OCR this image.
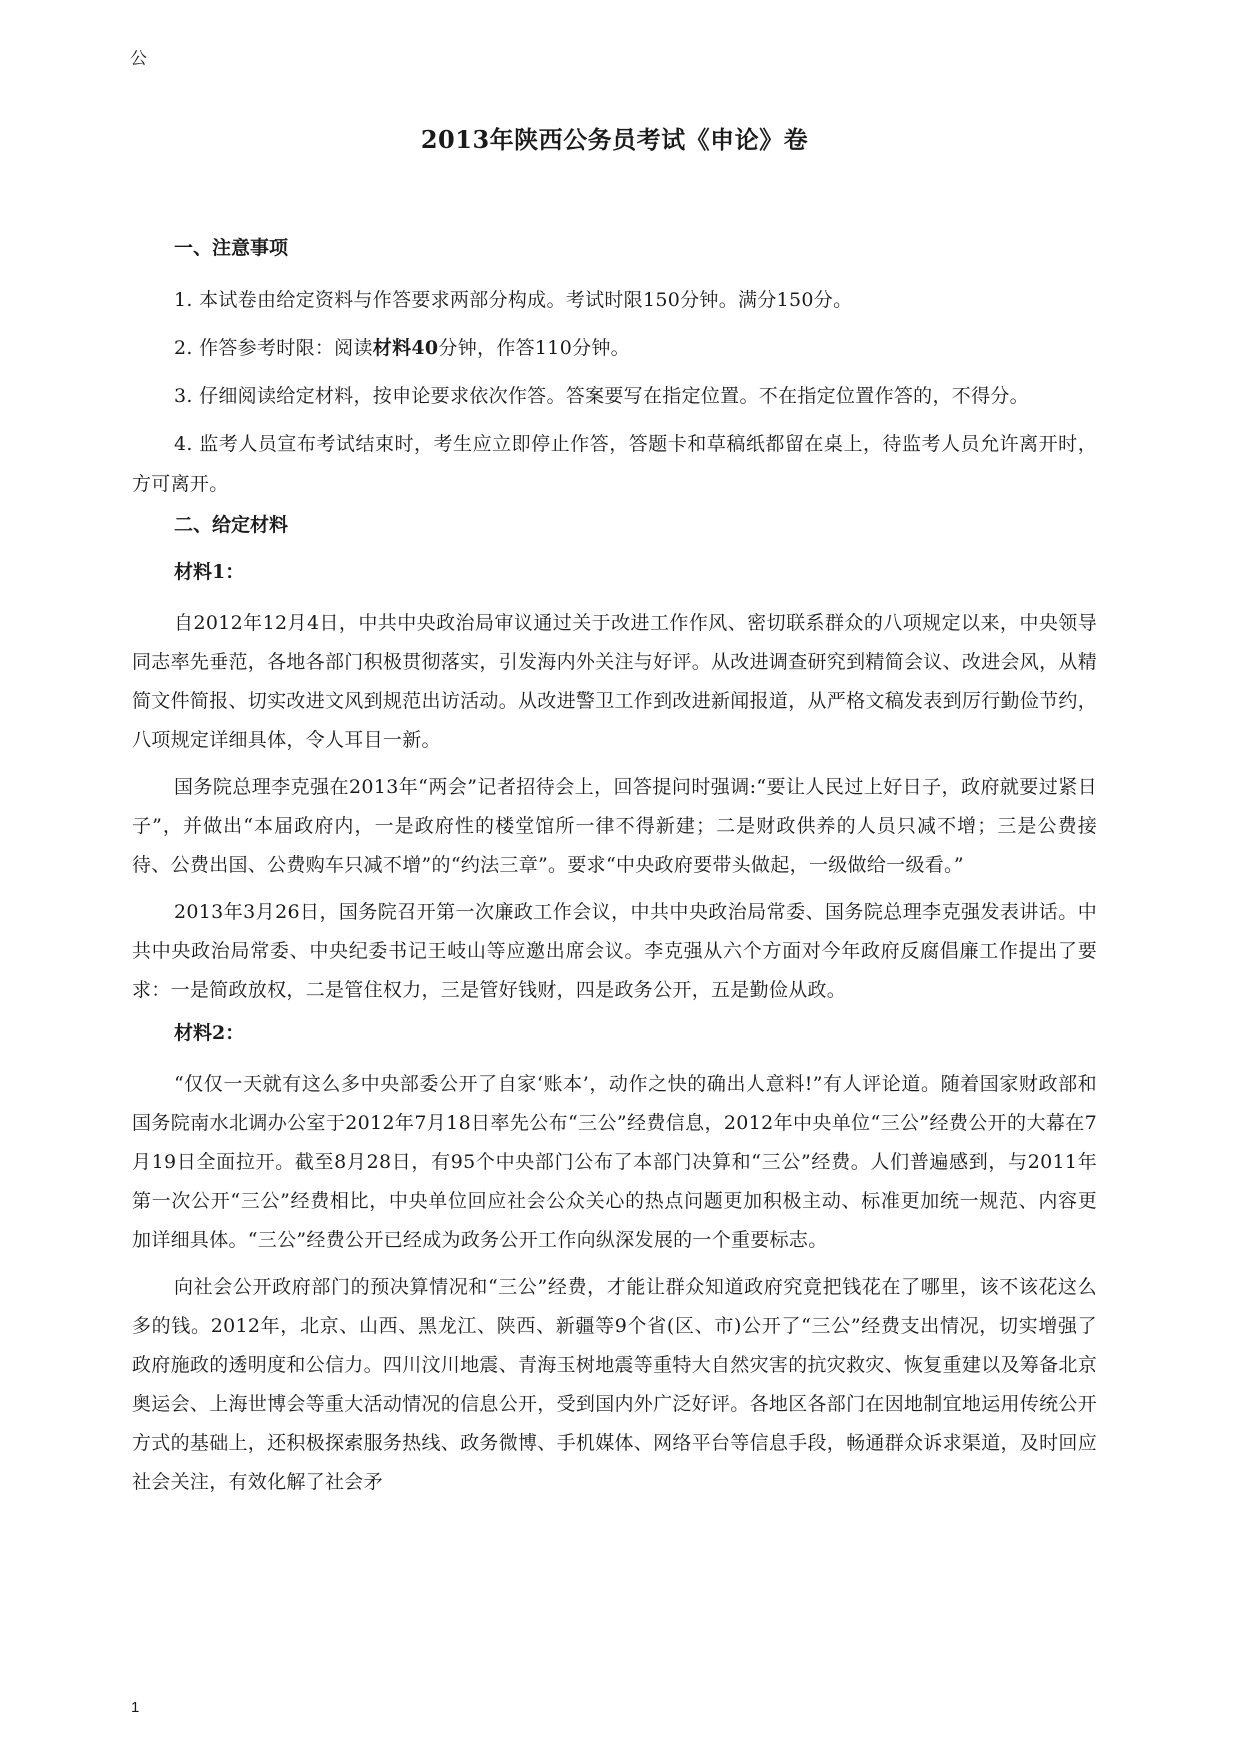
公
2013年陕西公务员考试《申论》卷
一、注意事项
1. 本试卷由给定资料与作答要求两部分构成。考试时限150分钟。满分150分。
2. 作答参考时限：阅读材料40分钟，作答110分钟。
3. 仔细阅读给定材料，按申论要求依次作答。答案要写在指定位置。不在指定位置作答的，不得分。
4. 监考人员宣布考试结束时，考生应立即停止作答，答题卡和草稿纸都留在桌上，待监考人员允许离开时，方可离开。
二、给定材料
材料1：
自2012年12月4日，中共中央政治局审议通过关于改进工作作风、密切联系群众的八项规定以来，中央领导同志率先垂范，各地各部门积极贯彻落实，引发海内外关注与好评。从改进调查研究到精简会议、改进会风，从精简文件简报、切实改进文风到规范出访活动。从改进警卫工作到改进新闻报道，从严格文稿发表到厉行勤俭节约，八项规定详细具体，令人耳目一新。
国务院总理李克强在2013年“两会”记者招待会上，回答提问时强调:“要让人民过上好日子，政府就要过紧日子”，并做出“本届政府内，一是政府性的楼堂馆所一律不得新建；二是财政供养的人员只减不增；三是公费接待、公费出国、公费购车只减不增”的“约法三章”。要求“中央政府要带头做起，一级做给一级看。”
2013年3月26日，国务院召开第一次廉政工作会议，中共中央政治局常委、国务院总理李克强发表讲话。中共中央政治局常委、中央纪委书记王岐山等应邀出席会议。李克强从六个方面对今年政府反腐倡廉工作提出了要求：一是简政放权，二是管住权力，三是管好钱财，四是政务公开，五是勤俭从政。
材料2：
“仅仅一天就有这么多中央部委公开了自家‘账本’，动作之快的确出人意料!”有人评论道。随着国家财政部和国务院南水北调办公室于2012年7月18日率先公布“三公”经费信息，2012年中央单位“三公”经费公开的大幕在7月19日全面拉开。截至8月28日，有95个中央部门公布了本部门决算和“三公”经费。人们普遍感到，与2011年第一次公开“三公”经费相比，中央单位回应社会公众关心的热点问题更加积极主动、标准更加统一规范、内容更加详细具体。“三公”经费公开已经成为政务公开工作向纵深发展的一个重要标志。
向社会公开政府部门的预决算情况和“三公”经费，才能让群众知道政府究竟把钱花在了哪里，该不该花这么多的钱。2012年，北京、山西、黑龙江、陕西、新疆等9个省(区、市)公开了“三公”经费支出情况，切实增强了政府施政的透明度和公信力。四川汶川地震、青海玉树地震等重特大自然灾害的抗灾救灾、恢复重建以及筹备北京奥运会、上海世博会等重大活动情况的信息公开，受到国内外广泛好评。各地区各部门在因地制宜地运用传统公开方式的基础上，还积极探索服务热线、政务微博、手机媒体、网络平台等信息手段，畅通群众诉求渠道，及时回应社会关注，有效化解了社会矛
1
